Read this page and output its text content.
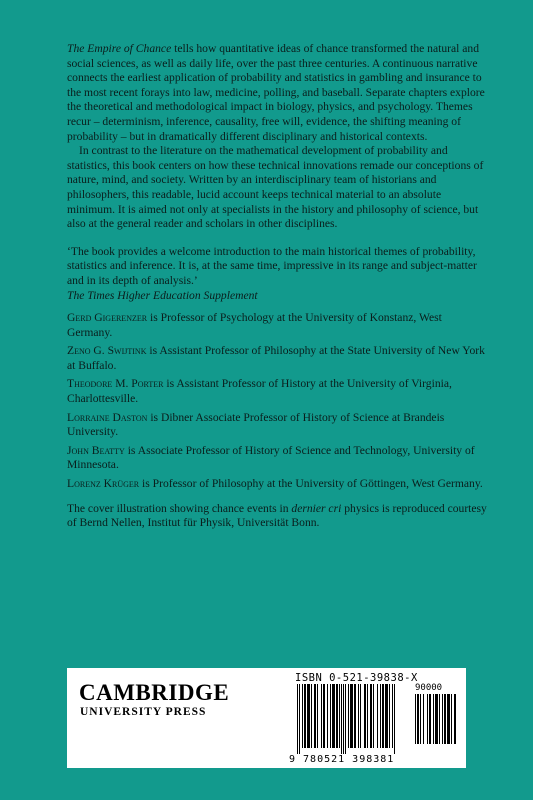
The Empire of Chance tells how quantitative ideas of chance transformed the natural and social sciences, as well as daily life, over the past three centuries. A continuous narrative connects the earliest application of probability and statistics in gambling and insurance to the most recent forays into law, medicine, polling, and baseball. Separate chapters explore the theoretical and methodological impact in biology, physics, and psychology. Themes recur – determinism, inference, causality, free will, evidence, the shifting meaning of probability – but in dramatically different disciplinary and historical contexts.

In contrast to the literature on the mathematical development of probability and statistics, this book centers on how these technical innovations remade our conceptions of nature, mind, and society. Written by an interdisciplinary team of historians and philosophers, this readable, lucid account keeps technical material to an absolute minimum. It is aimed not only at specialists in the history and philosophy of science, but also at the general reader and scholars in other disciplines.

‘The book provides a welcome introduction to the main historical themes of probability, statistics and inference. It is, at the same time, impressive in its range and subject-matter and in its depth of analysis.’
The Times Higher Education Supplement

Gerd Gigerenzer is Professor of Psychology at the University of Konstanz, West Germany.

Zeno G. Swijtink is Assistant Professor of Philosophy at the State University of New York at Buffalo.

Theodore M. Porter is Assistant Professor of History at the University of Virginia, Charlottesville.

Lorraine Daston is Dibner Associate Professor of History of Science at Brandeis University.

John Beatty is Associate Professor of History of Science and Technology, University of Minnesota.

Lorenz Krüger is Professor of Philosophy at the University of Göttingen, West Germany.

The cover illustration showing chance events in dernier cri physics is reproduced courtesy of Bernd Nellen, Institut für Physik, Universität Bonn.

CAMBRIDGE
UNIVERSITY PRESS
ISBN 0-521-39838-X
90000
9 780521 398381
